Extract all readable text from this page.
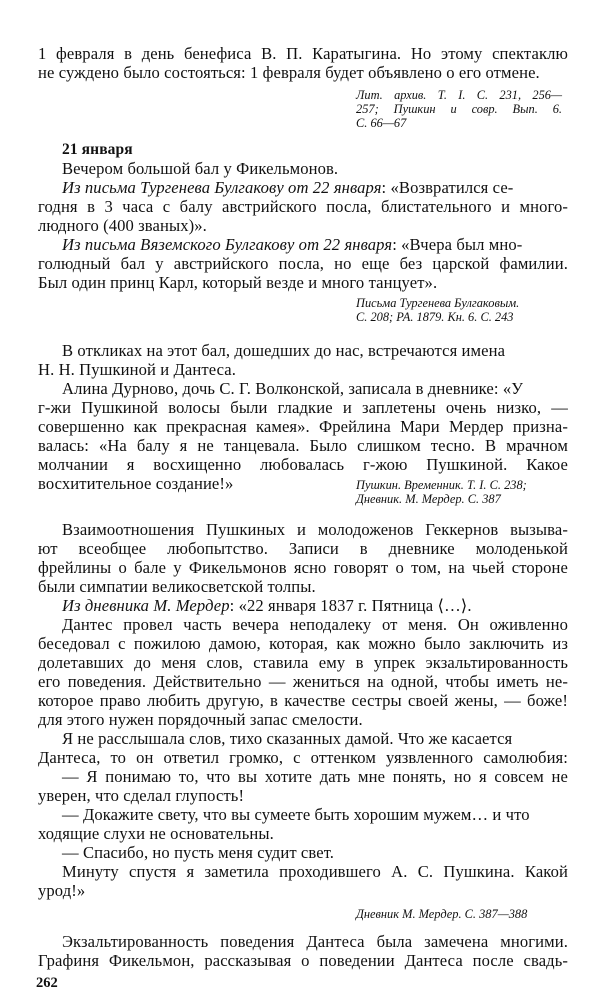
1 февраля в день бенефиса В. П. Каратыгина. Но этому спектаклю
не суждено было состояться: 1 февраля будет объявлено о его отмене.
Лит. архив. Т. I. С. 231, 256—
257; Пушкин и совр. Вып. 6.
С. 66—67
21 января
Вечером большой бал у Фикельмонов.
Из письма Тургенева Булгакову от 22 января: «Возвратился се-
годня в 3 часа с балу австрийского посла, блистательного и много-
людного (400 званых)».
Из письма Вяземского Булгакову от 22 января: «Вчера был мно-
голюдный бал у австрийского посла, но еще без царской фамилии.
Был один принц Карл, который везде и много танцует».
Письма Тургенева Булгаковым.
С. 208; РА. 1879. Кн. 6. С. 243
В откликах на этот бал, дошедших до нас, встречаются имена
Н. Н. Пушкиной и Дантеса.
Алина Дурново, дочь С. Г. Волконской, записала в дневнике: «У
г-жи Пушкиной волосы были гладкие и заплетены очень низко, —
совершенно как прекрасная камея». Фрейлина Мари Мердер призна-
валась: «На балу я не танцевала. Было слишком тесно. В мрачном
молчании я восхищенно любовалась г-жою Пушкиной. Какое
восхитительное создание!»	Пушкин. Временник. Т. I. С. 238;
Дневник. М. Мердер. С. 387
Взаимоотношения Пушкиных и молодоженов Геккернов вызыва-
ют всеобщее любопытство. Записи в дневнике молоденькой
фрейлины о бале у Фикельмонов ясно говорят о том, на чьей стороне
были симпатии великосветской толпы.
Из дневника М. Мердер: «22 января 1837 г. Пятница ⟨…⟩.
Дантес провел часть вечера неподалеку от меня. Он оживленно
беседовал с пожилою дамою, которая, как можно было заключить из
долетавших до меня слов, ставила ему в упрек экзальтированность
его поведения. Действительно — жениться на одной, чтобы иметь не-
которое право любить другую, в качестве сестры своей жены, — боже!
для этого нужен порядочный запас смелости.
Я не расслышала слов, тихо сказанных дамой. Что же касается
Дантеса, то он ответил громко, с оттенком уязвленного самолюбия:
— Я понимаю то, что вы хотите дать мне понять, но я совсем не
уверен, что сделал глупость!
— Докажите свету, что вы сумеете быть хорошим мужем… и что
ходящие слухи не основательны.
— Спасибо, но пусть меня судит свет.
Минуту спустя я заметила проходившего А. С. Пушкина. Какой
урод!»
Дневник М. Мердер. С. 387—388
Экзальтированность поведения Дантеса была замечена многими.
Графиня Фикельмон, рассказывая о поведении Дантеса после свадь-
262
